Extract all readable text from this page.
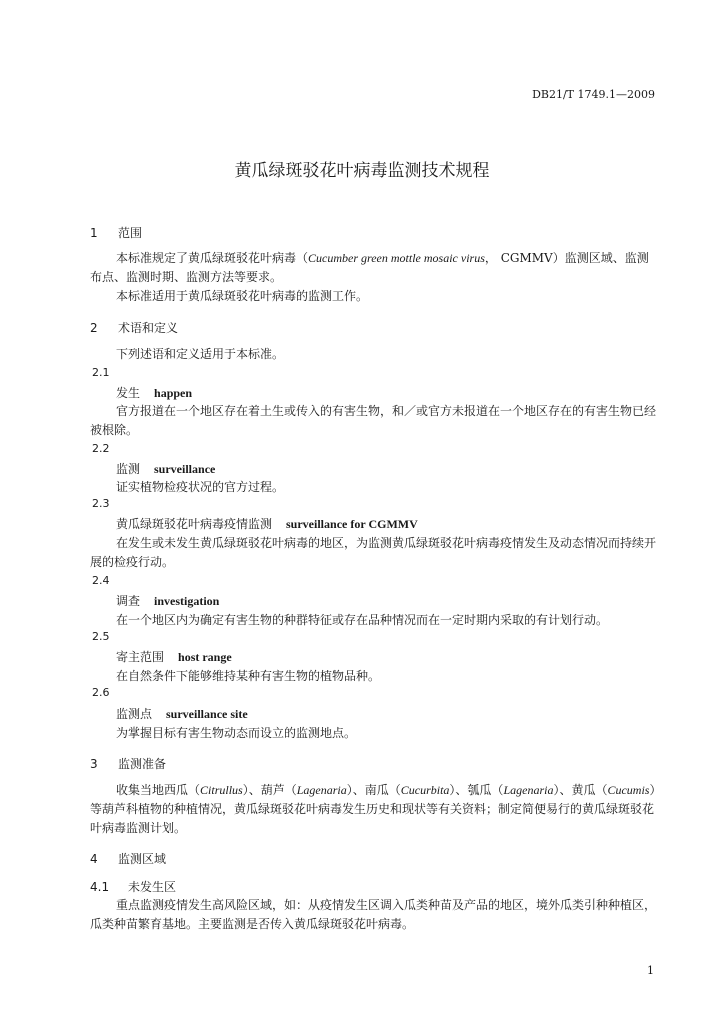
DB21/T 1749.1—2009
黄瓜绿斑驳花叶病毒监测技术规程
1 范围
本标准规定了黄瓜绿斑驳花叶病毒（Cucumber green mottle mosaic virus， CGMMV）监测区域、监测布点、监测时期、监测方法等要求。
本标准适用于黄瓜绿斑驳花叶病毒的监测工作。
2 术语和定义
下列述语和定义适用于本标准。
2.1
发生 happen
官方报道在一个地区存在着土生或传入的有害生物，和／或官方未报道在一个地区存在的有害生物已经被根除。
2.2
监测 surveillance
证实植物检疫状况的官方过程。
2.3
黄瓜绿斑驳花叶病毒疫情监测 surveillance for CGMMV
在发生或未发生黄瓜绿斑驳花叶病毒的地区，为监测黄瓜绿斑驳花叶病毒疫情发生及动态情况而持续开展的检疫行动。
2.4
调查 investigation
在一个地区内为确定有害生物的种群特征或存在品种情况而在一定时期内采取的有计划行动。
2.5
寄主范围 host range
在自然条件下能够维持某种有害生物的植物品种。
2.6
监测点 surveillance site
为掌握目标有害生物动态而设立的监测地点。
3 监测准备
收集当地西瓜（Citrullus）、葫芦（Lagenaria）、南瓜（Cucurbita）、瓠瓜（Lagenaria）、黄瓜（Cucumis）等葫芦科植物的种植情况，黄瓜绿斑驳花叶病毒发生历史和现状等有关资料；制定简便易行的黄瓜绿斑驳花叶病毒监测计划。
4 监测区域
4.1 未发生区
重点监测疫情发生高风险区域，如：从疫情发生区调入瓜类种苗及产品的地区，境外瓜类引种种植区，瓜类种苗繁育基地。主要监测是否传入黄瓜绿斑驳花叶病毒。
1
